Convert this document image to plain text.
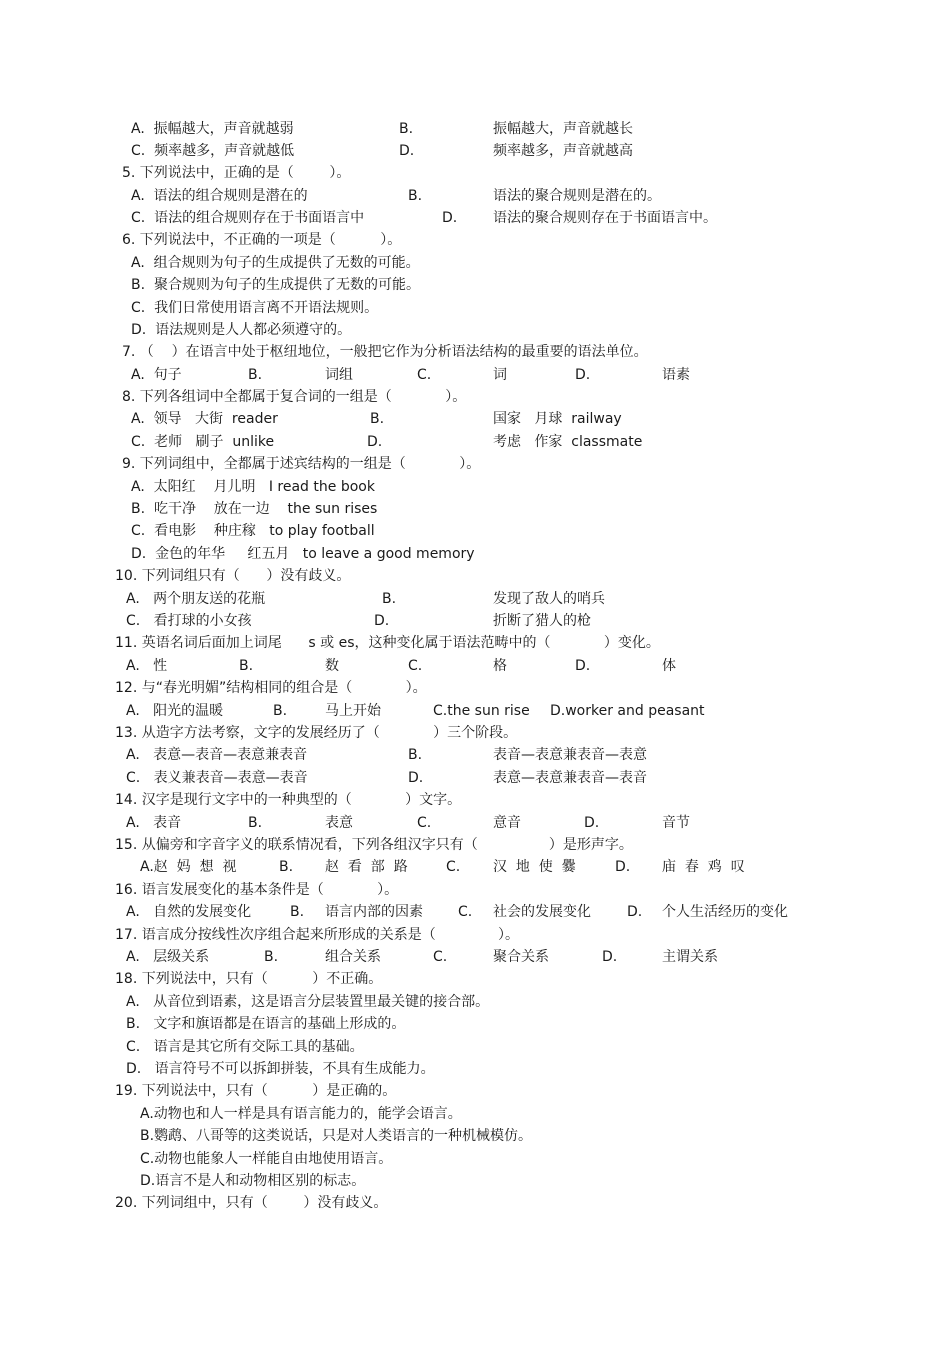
A.  振幅越大，声音就越弱	B.	振幅越大，声音就越长
C.  频率越多，声音就越低	D.	频率越多，声音就越高
5. 下列说法中，正确的是（        ）。
A.  语法的组合规则是潜在的	B.	语法的聚合规则是潜在的。
C.  语法的组合规则存在于书面语言中	D.	语法的聚合规则存在于书面语言中。
6. 下列说法中，不正确的一项是（          ）。
A.  组合规则为句子的生成提供了无数的可能。
B.  聚合规则为句子的生成提供了无数的可能。
C.  我们日常使用语言离不开语法规则。
D.  语法规则是人人都必须遵守的。
7. （    ）在语言中处于枢纽地位，一般把它作为分析语法结构的最重要的语法单位。
A.  句子	B.	词组	C.	词	D.	语素
8. 下列各组词中全都属于复合词的一组是（            ）。
A.  领导   大街  reader	B.	国家   月球  railway
C.  老师   刷子  unlike	D.	考虑   作家  classmate
9. 下列词组中，全都属于述宾结构的一组是（            ）。
A.  太阳红    月儿明   I read the book
B.  吃干净    放在一边    the sun rises
C.  看电影    种庄稼   to play football
D.  金色的年华     红五月   to leave a good memory
10. 下列词组只有（      ）没有歧义。
A.   两个朋友送的花瓶	B.	发现了敌人的哨兵
C.   看打球的小女孩	D.	折断了猎人的枪
11. 英语名词后面加上词尾      s 或 es，这种变化属于语法范畴中的（            ）变化。
A.   性	B.	数	C.	格	D.	体
12. 与“春光明媚”结构相同的组合是（            ）。
A.   阳光的温暖	B.	马上开始	C.the sun rise D.worker and peasant
13. 从造字方法考察，文字的发展经历了（            ）三个阶段。
A.   表意—表音—表意兼表音	B.	表音—表意兼表音—表意
C.   表义兼表音—表意—表音	D.	表意—表意兼表音—表音
14. 汉字是现行文字中的一种典型的（            ）文字。
A.   表音	B.	表意	C.	意音	D.	音节
15. 从偏旁和字音字义的联系情况看，下列各组汉字只有（                ）是形声字。
A.赵  妈  想  视	B. 赵  看  部  路	C. 汉  地  使  爨	D. 庙  春  鸡  叹
16. 语言发展变化的基本条件是（            ）。
A.   自然的发展变化	B. 语言内部的因素	C. 社会的发展变化	D. 个人生活经历的变化
17. 语言成分按线性次序组合起来所形成的关系是（              ）。
A.   层级关系	B.	组合关系	C.	聚合关系	D.	主谓关系
18. 下列说法中，只有（          ）不正确。
A.   从音位到语素，这是语言分层装置里最关键的接合部。
B.   文字和旗语都是在语言的基础上形成的。
C.   语言是其它所有交际工具的基础。
D.   语言符号不可以拆卸拼装，不具有生成能力。
19. 下列说法中，只有（          ）是正确的。
A.动物也和人一样是具有语言能力的，能学会语言。
B.鹦鹉、八哥等的这类说话，只是对人类语言的一种机械模仿。
C.动物也能象人一样能自由地使用语言。
D.语言不是人和动物相区别的标志。
20. 下列词组中，只有（        ）没有歧义。
